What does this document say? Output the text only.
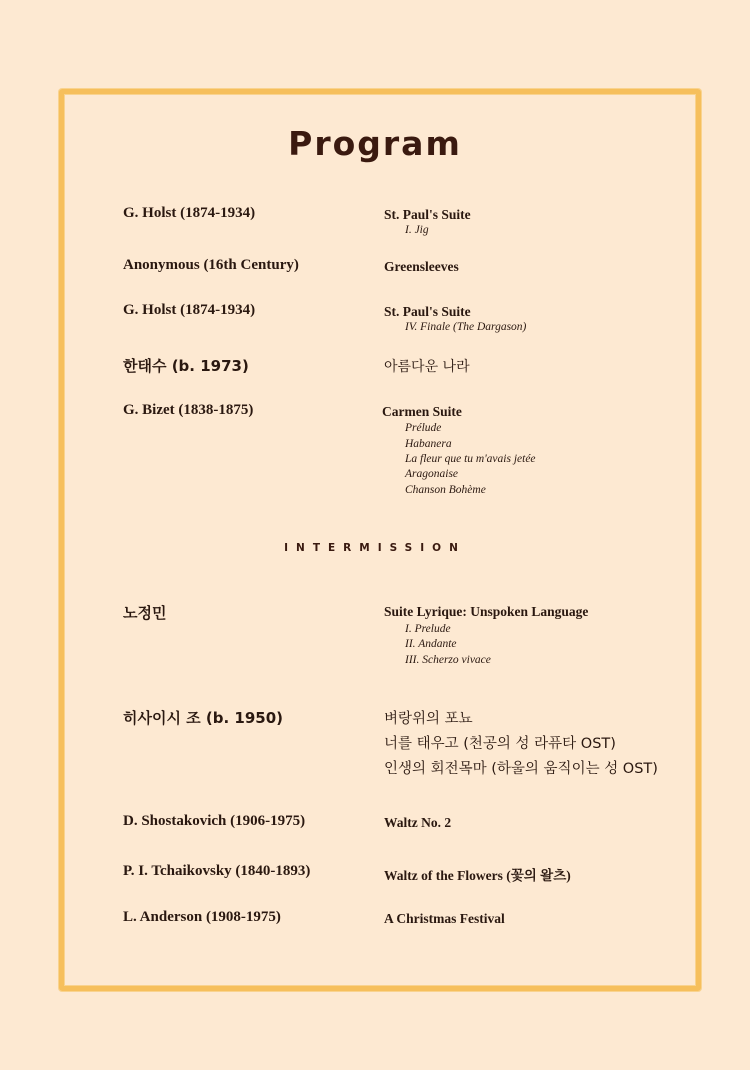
Program
G. Holst (1874-1934)	St. Paul's Suite
I. Jig
Anonymous (16th Century)	Greensleeves
G. Holst (1874-1934)	St. Paul's Suite
IV. Finale (The Dargason)
한태수 (b. 1973)	아름다운 나라
G. Bizet (1838-1875)	Carmen Suite
Prélude
Habanera
La fleur que tu m'avais jetée
Aragonaise
Chanson Bohème
INTERMISSION
노정민	Suite Lyrique: Unspoken Language
I. Prelude
II. Andante
III. Scherzo vivace
히사이시 조 (b. 1950)	벼랑위의 포뇨
너를 태우고 (천공의 성 라퓨타 OST)
인생의 회전목마 (하울의 움직이는 성 OST)
D. Shostakovich (1906-1975)	Waltz No. 2
P. I. Tchaikovsky (1840-1893)	Waltz of the Flowers (꽃의 왈츠)
L. Anderson (1908-1975)	A Christmas Festival
